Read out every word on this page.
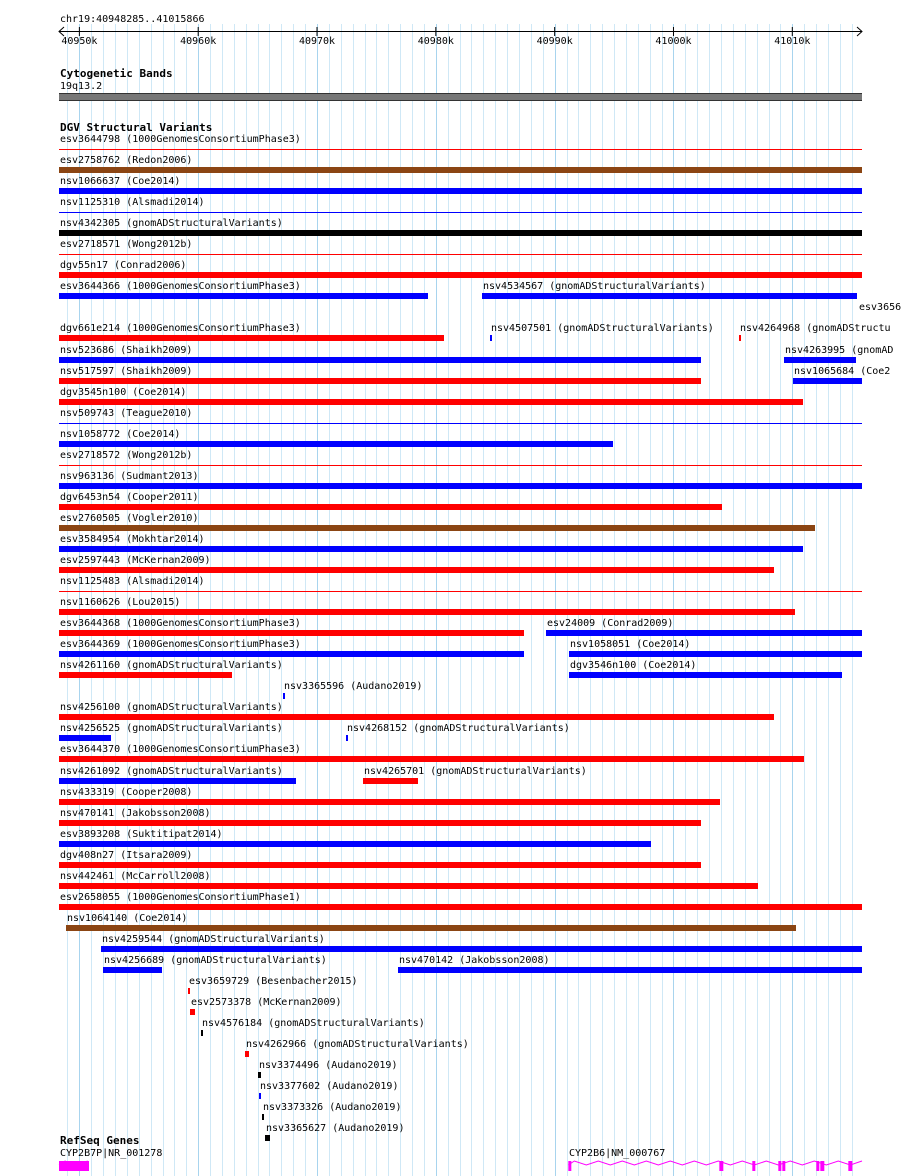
chr19:40948285..41015866
40950k	40960k	40970k	40980k	40990k	41000k	41010k
Cytogenetic Bands
19q13.2
DGV Structural Variants
esv3644798 (1000GenomesConsortiumPhase3)
esv2758762 (Redon2006)
nsv1066637 (Coe2014)
nsv1125310 (Alsmadi2014)
nsv4342305 (gnomADStructuralVariants)
esv2718571 (Wong2012b)
dgv55n17 (Conrad2006)
esv3644366 (1000GenomesConsortiumPhase3)	nsv4534567 (gnomADStructuralVariants)
esv3656
dgv661e214 (1000GenomesConsortiumPhase3)	nsv4507501 (gnomADStructuralVariants)	nsv4264968 (gnomADStructu
nsv523686 (Shaikh2009)	nsv4263995 (gnomAD
nsv517597 (Shaikh2009)	nsv1065684 (Coe2
dgv3545n100 (Coe2014)
nsv509743 (Teague2010)
nsv1058772 (Coe2014)
esv2718572 (Wong2012b)
nsv963136 (Sudmant2013)
dgv6453n54 (Cooper2011)
esv2760505 (Vogler2010)
esv3584954 (Mokhtar2014)
esv2597443 (McKernan2009)
nsv1125483 (Alsmadi2014)
nsv1160626 (Lou2015)
esv3644368 (1000GenomesConsortiumPhase3)	esv24009 (Conrad2009)
esv3644369 (1000GenomesConsortiumPhase3)	nsv1058051 (Coe2014)
nsv4261160 (gnomADStructuralVariants)
nsv3365596 (Audano2019)
dgv3546n100 (Coe2014)
nsv4256100 (gnomADStructuralVariants)
nsv4256525 (gnomADStructuralVariants)	nsv4268152 (gnomADStructuralVariants)
esv3644370 (1000GenomesConsortiumPhase3)
nsv4261092 (gnomADStructuralVariants)	nsv4265701 (gnomADStructuralVariants)
nsv433319 (Cooper2008)
nsv470141 (Jakobsson2008)
esv3893208 (Suktitipat2014)
dgv408n27 (Itsara2009)
nsv442461 (McCarroll2008)
esv2658055 (1000GenomesConsortiumPhase1)
nsv1064140 (Coe2014)
nsv4259544 (gnomADStructuralVariants)
nsv4256689 (gnomADStructuralVariants)	nsv470142 (Jakobsson2008)
esv3659729 (Besenbacher2015)
esv2573378 (McKernan2009)
nsv4576184 (gnomADStructuralVariants)
nsv4262966 (gnomADStructuralVariants)
nsv3374496 (Audano2019)
nsv3377602 (Audano2019)
nsv3373326 (Audano2019)
nsv3365627 (Audano2019)
RefSeq Genes
CYP2B7P|NR_001278	CYP2B6|NM_000767
